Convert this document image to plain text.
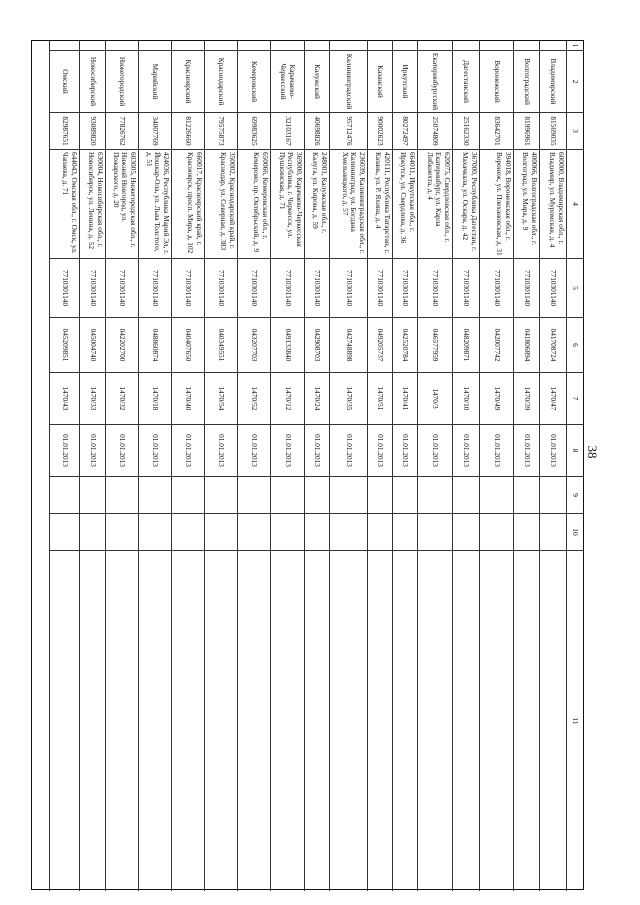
38
1
2
3
4
5
6
7
8
9
10
11
Владимирский
81569035
600000, Владимирская обл., г. Владимир, ул. Муромская, д. 4
7710301140
041708724
1470/47
01.01.2013
Волгоградский
81996961
400066, Волгоградская обл., г. Волгоград, ул. Мира, д. 9
7710301140
041806894
1470/39
01.01.2013
Воронежский
83642701
394018, Воронежская обл., г. Воронеж, ул. Плехановская, д. 31
7710301140
042007742
1470/49
01.01.2013
Дагестанский
25162330
367000, Республика Дагестан, г. Махачкала, ул. Оскара, д. 42
7710301140
048209871
1470/10
01.01.2013
Екатеринбургский
25074809
620075, Свердловская обл., г. Екатеринбург, ул. Карла Либкнехта, д. 4
7710301140
046577959
1470/3
01.01.2013
Иркутский
80272497
664011, Иркутская обл., г. Иркутск, ул. Свердлова, д. 36
7710301140
042520784
1470/41
01.01.2013
Казанский
90002623
420111, Республика Татарстан, г. Казань, ул. Р. Яхина, д. 4
7710301140
049205737
1470/51
01.01.2013
Калининградский
95712476
236039, Калининградская обл., г. Калининград, ул. Богдана Хмельницкого, д. 57
7710301140
042748898
1470/35
01.01.2013
Калужский
40698826
248001, Калужская обл., г. Калуга, ул. Кирова, д. 59
7710301140
042908703
1470/24
01.01.2013
Карачаево-Черкесский
32103167
369000, Карачаево-Черкесская Республика, г. Черкесск, ул. Пушкинская, д. 71
7710301140
049133840
1470/12
01.01.2013
Кемеровский
69983625
650066, Кемеровская обл., г. Кемерово, пр. Октябрьский, д. 9
7710301140
043207703
1470/52
01.01.2013
Краснодарский
79575873
350002, Краснодарский край, г. Краснодар, ул. Северная, д. 383
7710301140
040349551
1470/54
01.01.2013
Красноярский
81226660
660017, Красноярский край, г. Красноярск, просп. Мира, д. 102
7710301140
040407650
1470/40
01.01.2013
Марийский
34007769
424036, Республика Марий Эл, г. Йошкар-Ола, ул. Льва Толстого, д. 51
7710301140
048860874
1470/18
01.01.2013
Нижегородский
77826762
603005, Нижегородская обл., г. Нижний Новгород, ул. Пожарского, д. 20
7710301140
042202700
1470/32
01.01.2013
Новосибирский
93089820
630004, Новосибирская обл., г. Новосибирск, ул. Ленина, д. 52
7710301140
045004740
1470/33
01.01.2013
Омский
82987651
644043, Омская обл., г. Омск, ул. Чапаева, д. 71
7710301140
045209851
1470/43
01.01.2013
